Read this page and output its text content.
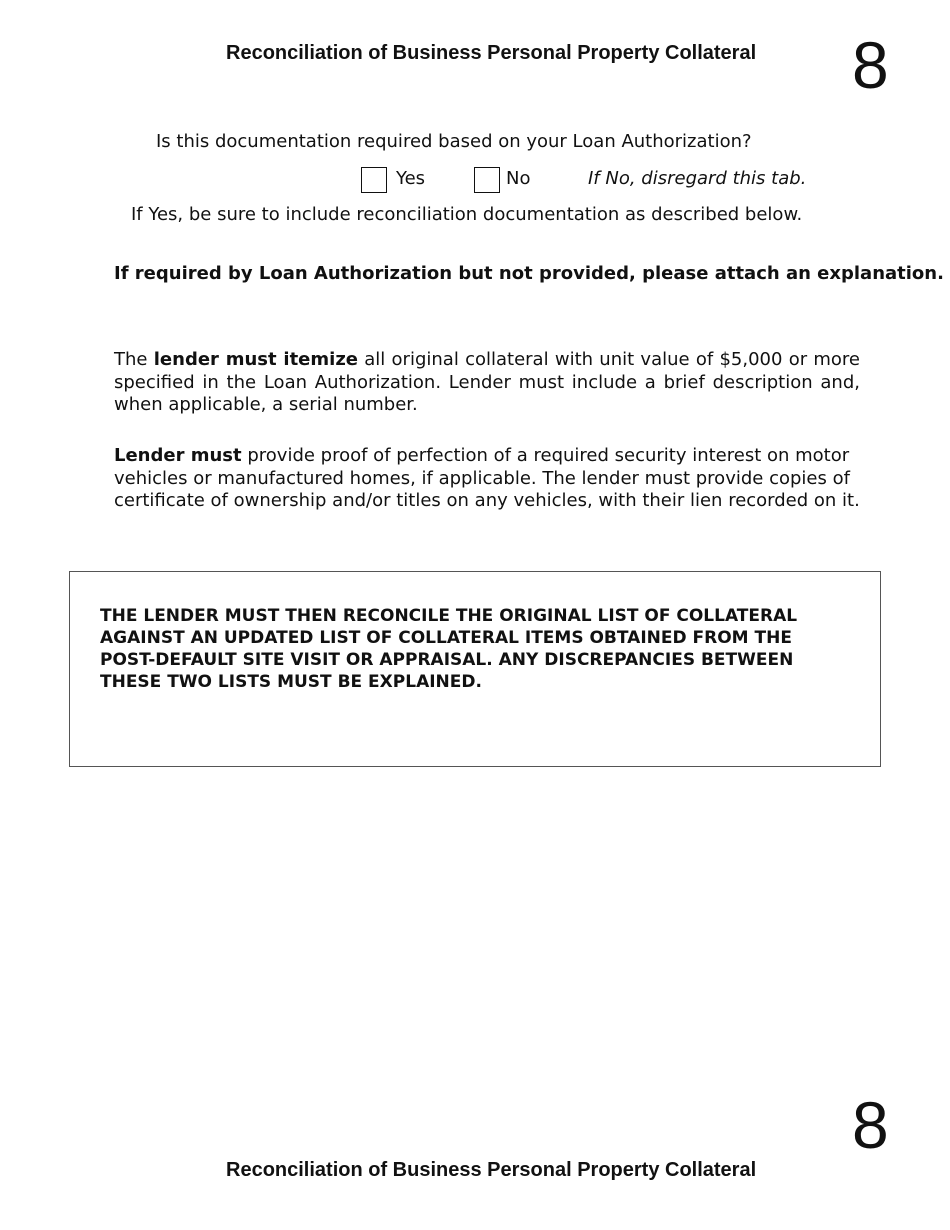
Reconciliation of Business Personal Property Collateral 8
Is this documentation required based on your Loan Authorization?
Yes	No	If No, disregard this tab.
If Yes, be sure to include reconciliation documentation as described below.
If required by Loan Authorization but not provided, please attach an explanation.
The lender must itemize all original collateral with unit value of $5,000 or more specified in the Loan Authorization. Lender must include a brief description and, when applicable, a serial number.
Lender must provide proof of perfection of a required security interest on motor vehicles or manufactured homes, if applicable. The lender must provide copies of certificate of ownership and/or titles on any vehicles, with their lien recorded on it.
THE LENDER MUST THEN RECONCILE THE ORIGINAL LIST OF COLLATERAL
AGAINST AN UPDATED LIST OF COLLATERAL ITEMS OBTAINED FROM THE
POST-DEFAULT SITE VISIT OR APPRAISAL. ANY DISCREPANCIES BETWEEN
THESE TWO LISTS MUST BE EXPLAINED.
8
Reconciliation of Business Personal Property Collateral
